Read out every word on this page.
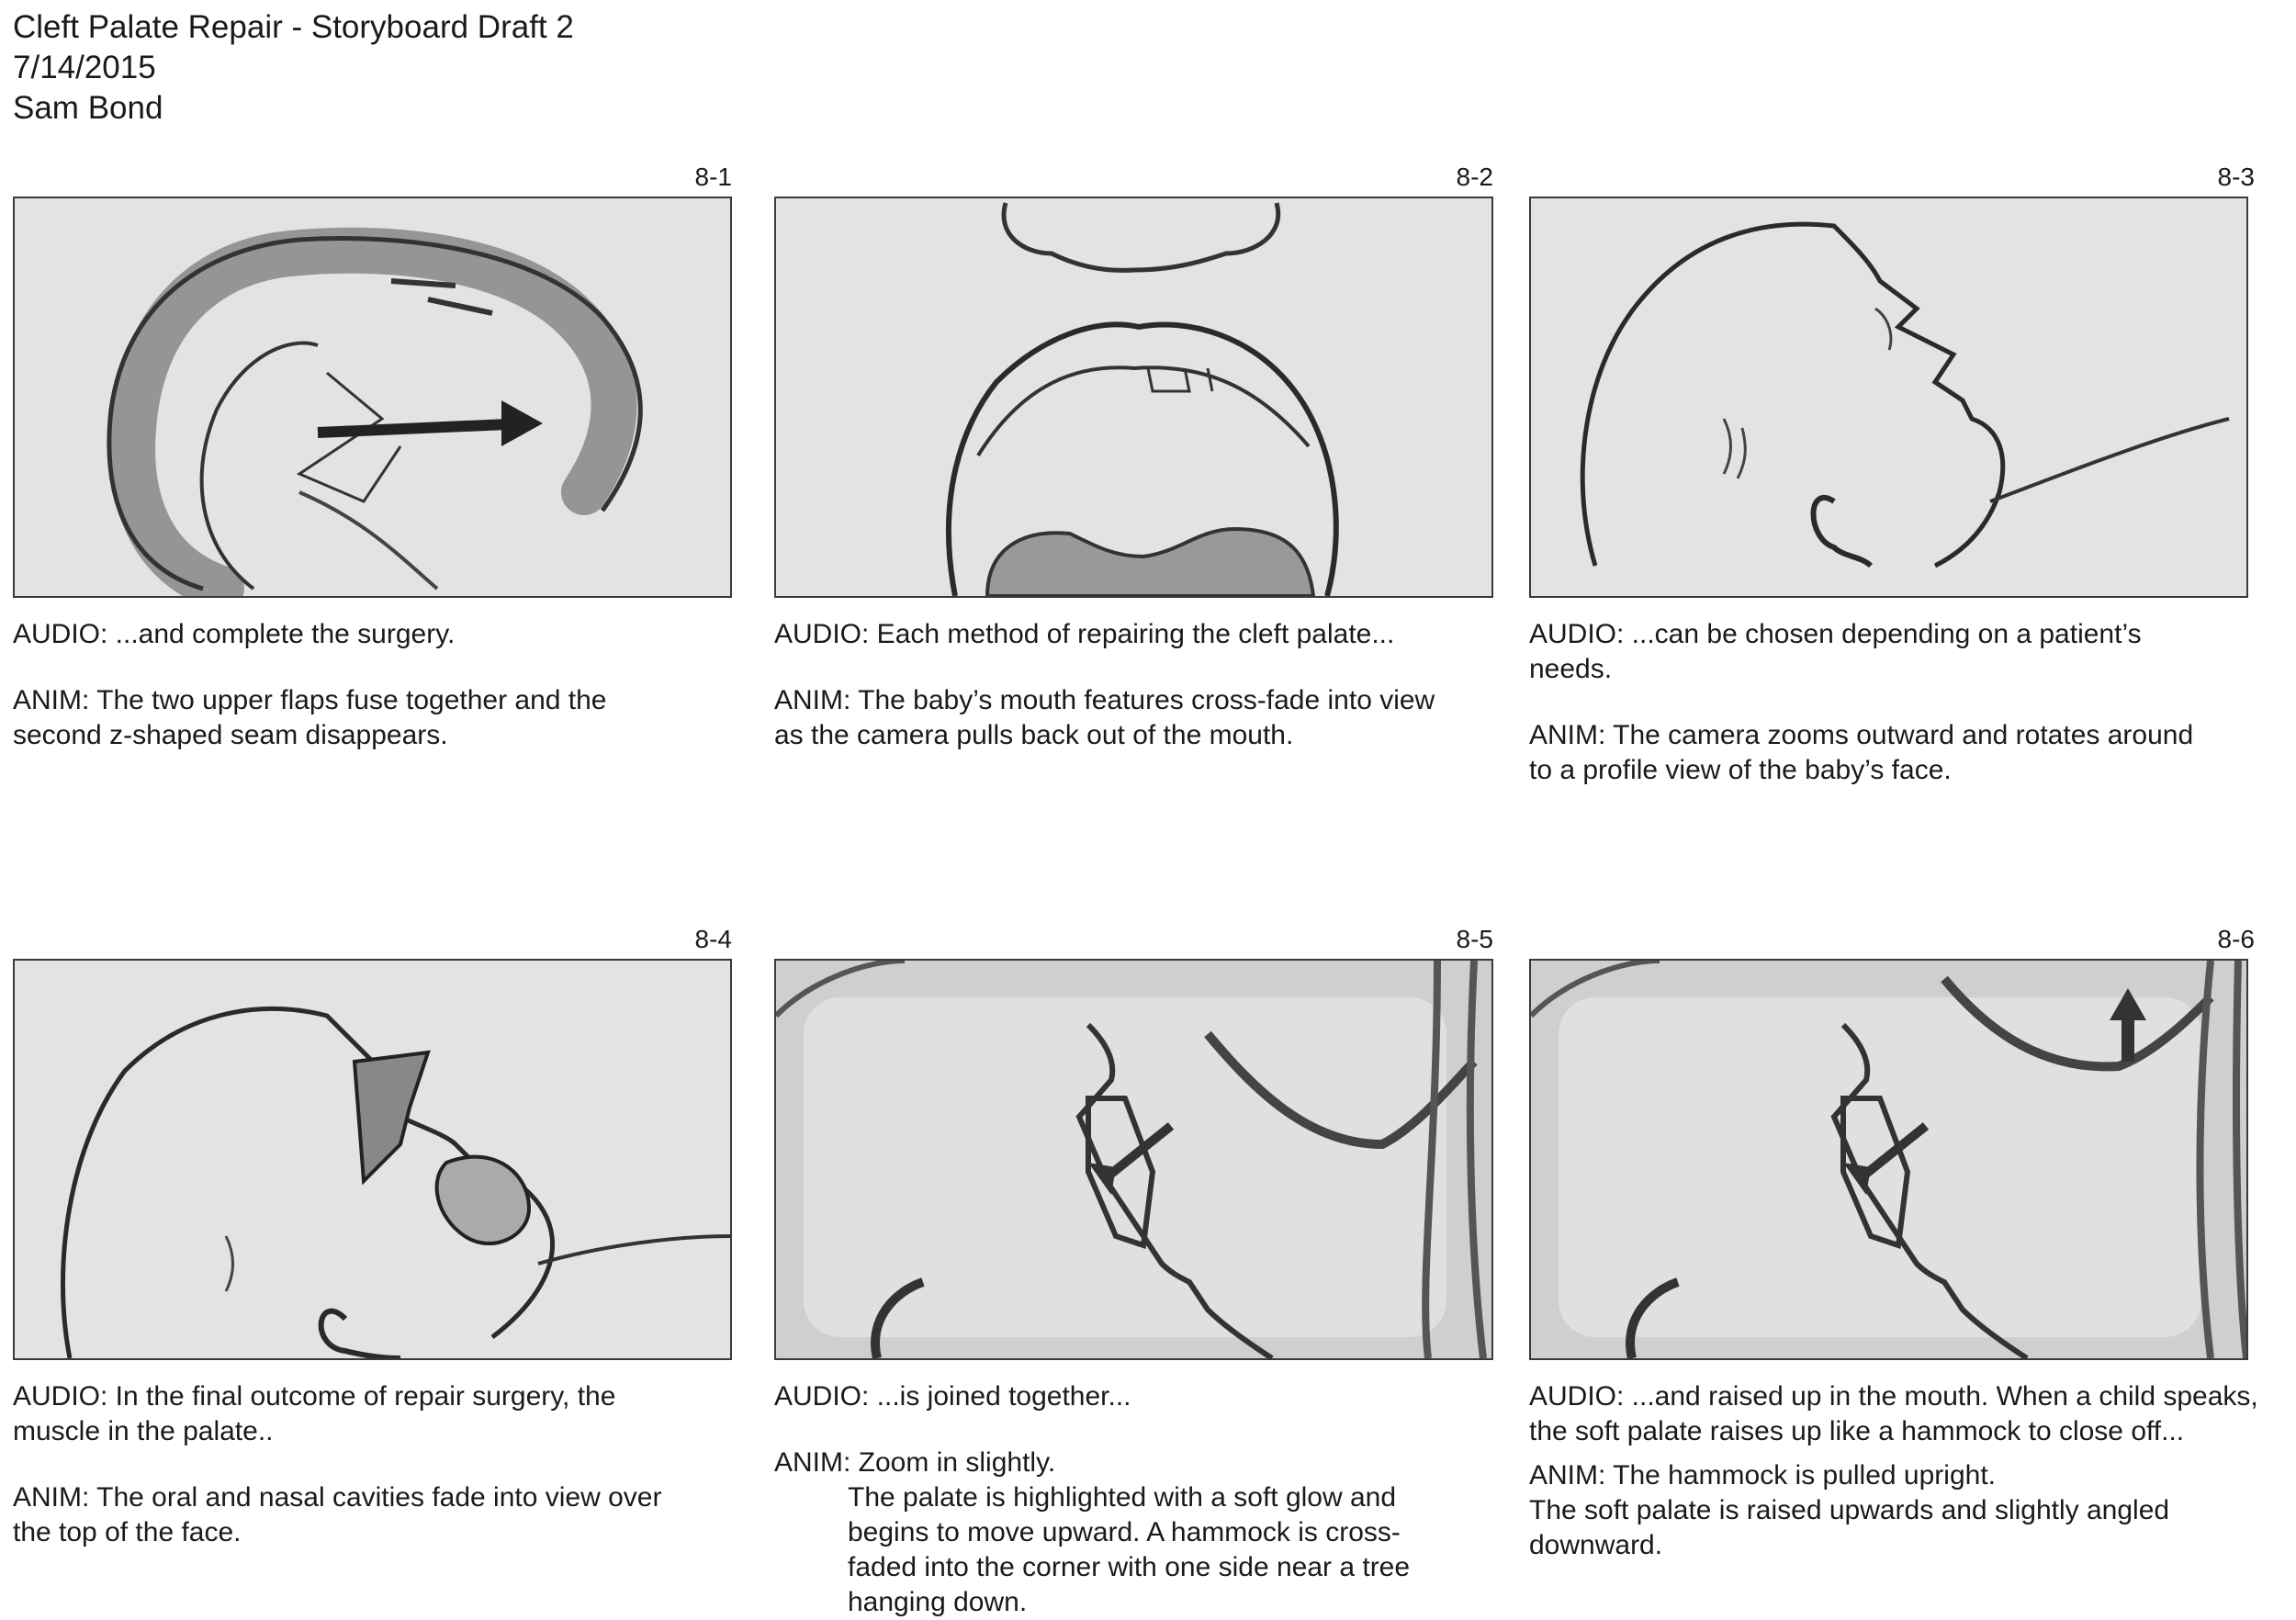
Cleft Palate Repair - Storyboard Draft 2
7/14/2015
Sam Bond
8-1

AUDIO: ...and complete the surgery.

ANIM: The two upper flaps fuse together and the

second z-shaped seam disappears.

8-2

AUDIO: Each method of repairing the cleft palate...

ANIM: The baby’s mouth features cross-fade into view

as the camera pulls back out of the mouth.

8-3

AUDIO: ...can be chosen depending on a patient’s

needs.

ANIM: The camera zooms outward and rotates around

to a profile view of the baby’s face.

8-4

AUDIO: In the final outcome of repair surgery, the

muscle in the palate..

ANIM: The oral and nasal cavities fade into view over

the top of the face.

8-5

AUDIO: ...is joined together...

ANIM: Zoom in slightly.

The palate is highlighted with a soft glow and

begins to move upward. A hammock is cross-

faded into the corner with one side near a tree

hanging down.

8-6

AUDIO: ...and raised up in the mouth. When a child speaks,

the soft palate raises up like a hammock to close off...

ANIM: The hammock is pulled upright.

The soft palate is raised upwards and slightly angled

downward.
